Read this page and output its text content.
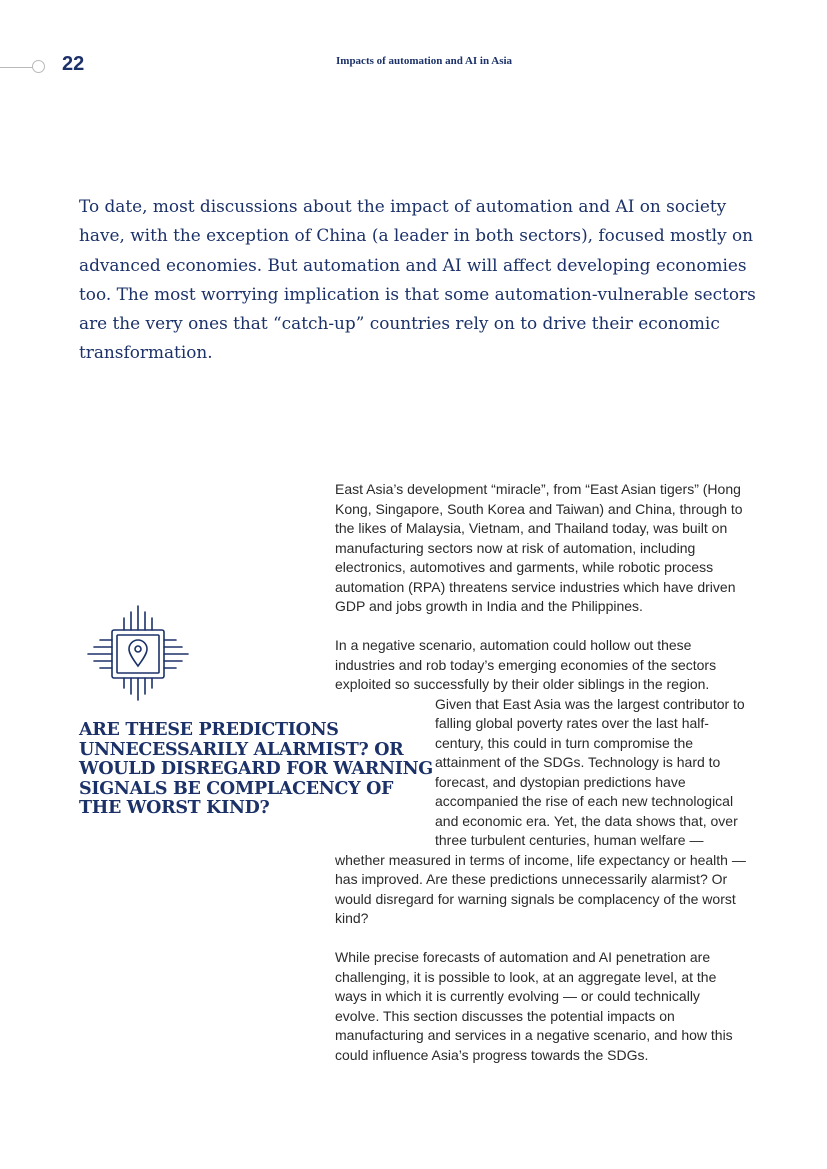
22	Impacts of automation and AI in Asia

To date, most discussions about the impact of automation and AI on society have, with the exception of China (a leader in both sectors), focused mostly on advanced economies. But automation and AI will affect developing economies too. The most worrying implication is that some automation-vulnerable sectors are the very ones that “catch-up” countries rely on to drive their economic transformation.

ARE THESE PREDICTIONS UNNECESSARILY ALARMIST? OR WOULD DISREGARD FOR WARNING SIGNALS BE COMPLACENCY OF THE WORST KIND?

East Asia’s development “miracle”, from “East Asian tigers” (Hong Kong, Singapore, South Korea and Taiwan) and China, through to the likes of Malaysia, Vietnam, and Thailand today, was built on manufacturing sectors now at risk of automation, including electronics, automotives and garments, while robotic process automation (RPA) threatens service industries which have driven GDP and jobs growth in India and the Philippines.

In a negative scenario, automation could hollow out these industries and rob today’s emerging economies of the sectors exploited so successfully by their older siblings in the region.

Given that East Asia was the largest contributor to falling global poverty rates over the last half-century, this could in turn compromise the attainment of the SDGs. Technology is hard to forecast, and dystopian predictions have accompanied the rise of each new technological and economic era. Yet, the data shows that, over three turbulent centuries, human welfare — whether measured in terms of income, life expectancy or health — has improved. Are these predictions unnecessarily alarmist? Or would disregard for warning signals be complacency of the worst kind?

While precise forecasts of automation and AI penetration are challenging, it is possible to look, at an aggregate level, at the ways in which it is currently evolving — or could technically evolve. This section discusses the potential impacts on manufacturing and services in a negative scenario, and how this could influence Asia’s progress towards the SDGs.
